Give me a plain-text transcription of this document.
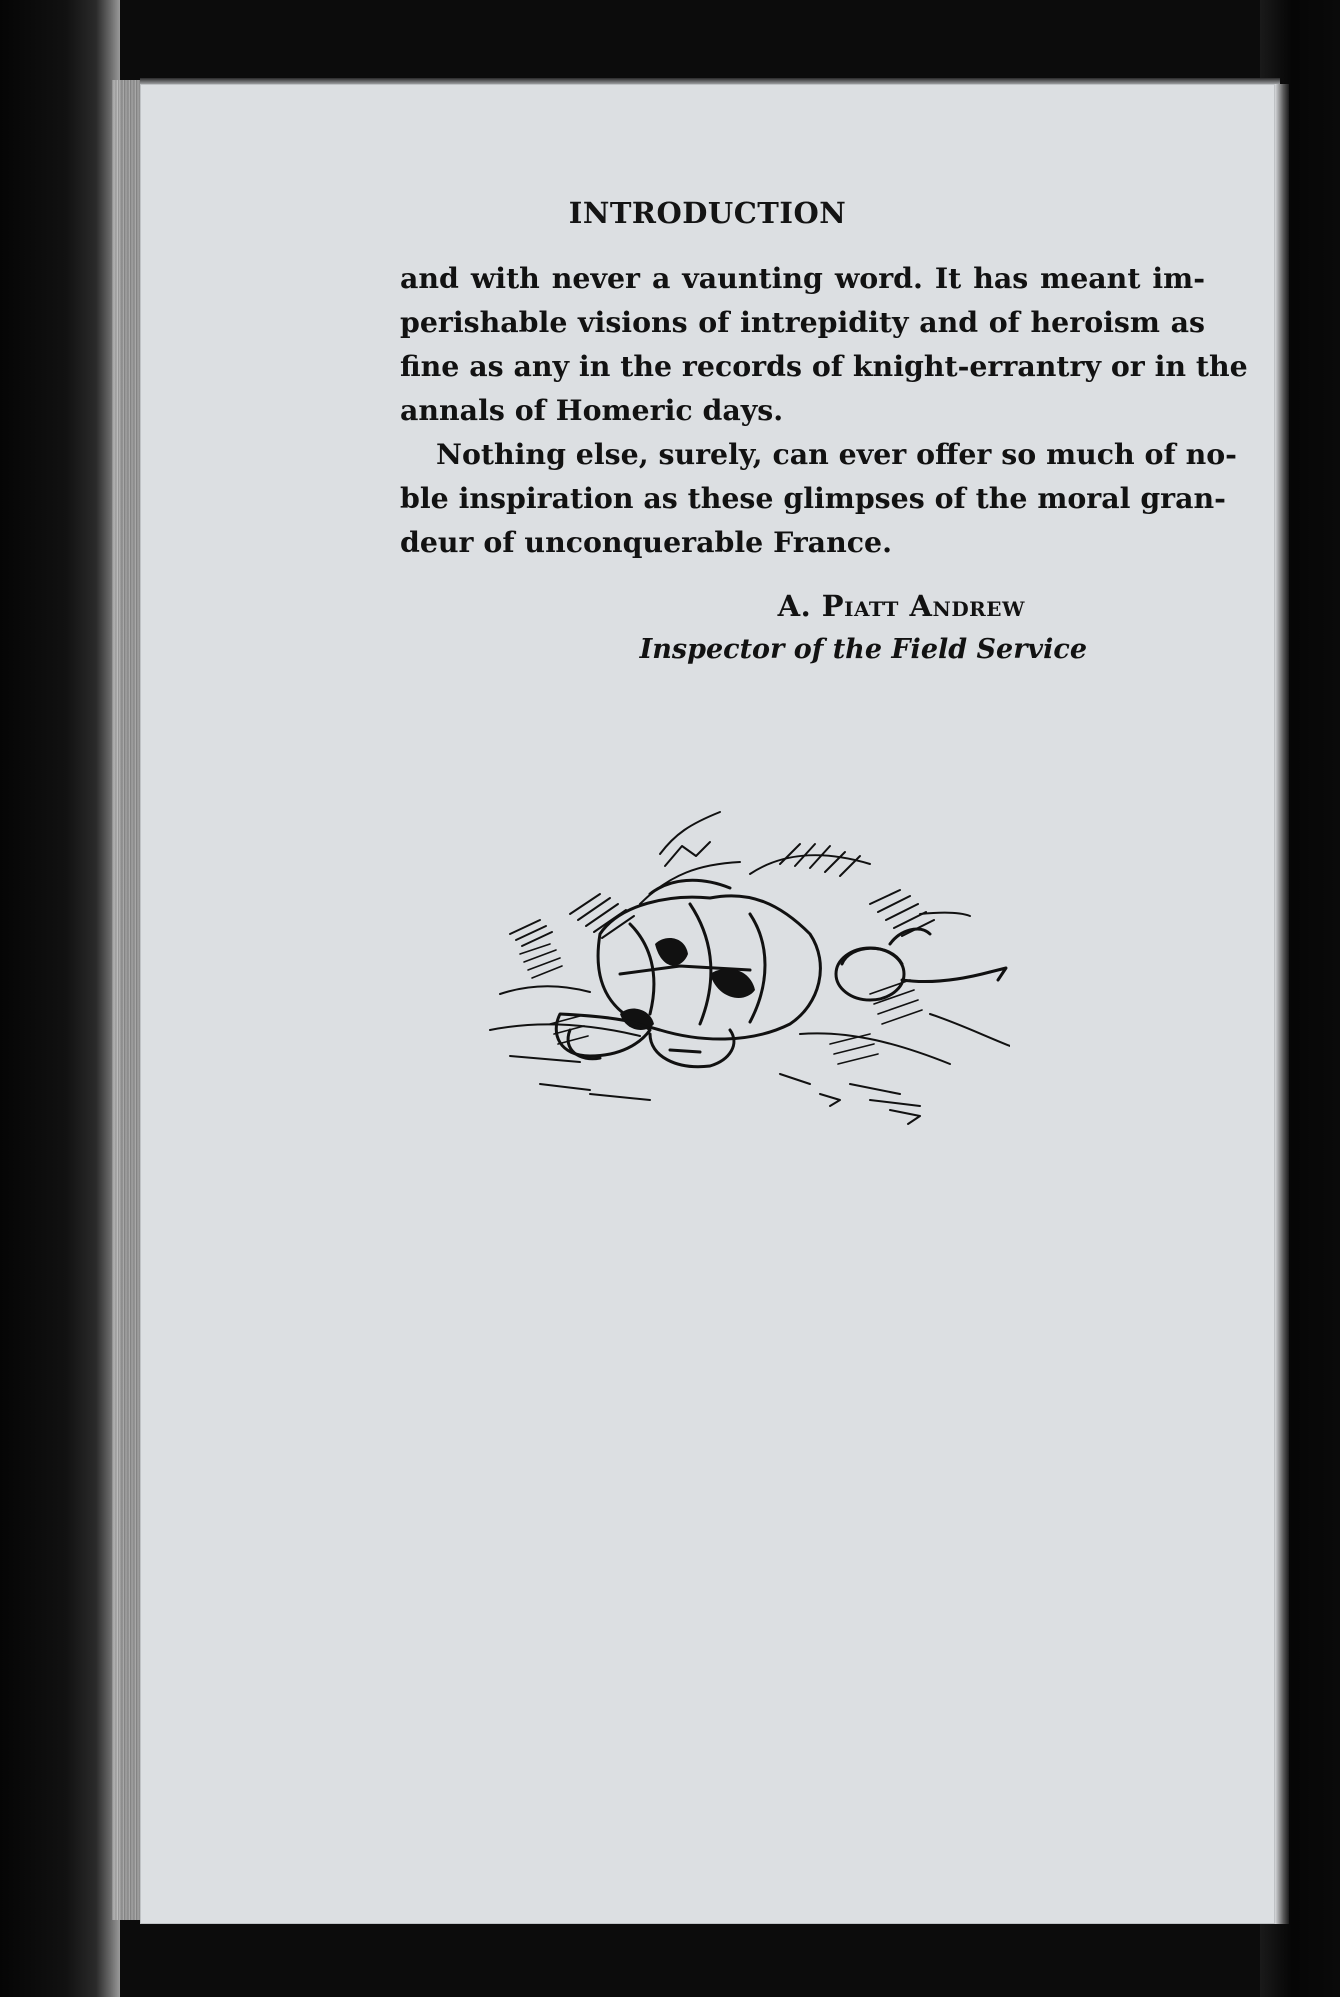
INTRODUCTION
and with never a vaunting word. It has meant im-
perishable visions of intrepidity and of heroism as
fine as any in the records of knight-errantry or in the
annals of Homeric days.
Nothing else, surely, can ever offer so much of no-
ble inspiration as these glimpses of the moral gran-
deur of unconquerable France.
A. Piatt Andrew
Inspector of the Field Service
